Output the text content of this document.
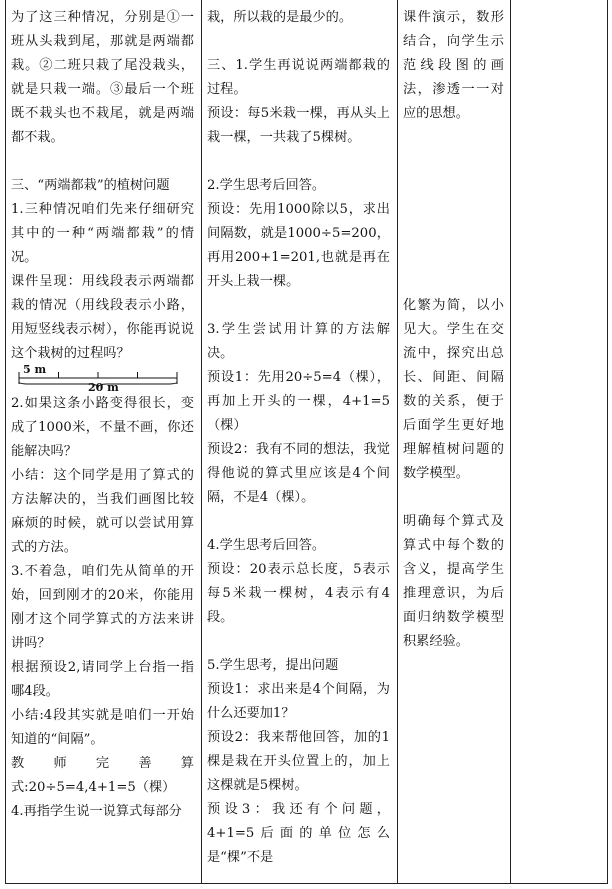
为了这三种情况，分别是①一班从头栽到尾，那就是两端都栽。②二班只栽了尾没栽头，就是只栽一端。③最后一个班既不栽头也不栽尾，就是两端都不栽。

三、“两端都栽”的植树问题

1.三种情况咱们先来仔细研究其中的一种“两端都栽”的情况。

课件呈现：用线段表示两端都栽的情况（用线段表示小路，用短竖线表示树），你能再说说这个栽树的过程吗？

5 m
20 m

2.如果这条小路变得很长，变成了1000米，不量不画，你还能解决吗？

小结：这个同学是用了算式的方法解决的，当我们画图比较麻烦的时候，就可以尝试用算式的方法。

3.不着急，咱们先从简单的开始，回到刚才的20米，你能用刚才这个同学算式的方法来讲讲吗？

根据预设2,请同学上台指一指哪4段。

小结:4段其实就是咱们一开始知道的“间隔”。

教师完善算式:20÷5=4,4+1=5（棵）

4.再指学生说一说算式每部分

栽，所以栽的是最少的。

三、1.学生再说说两端都栽的过程。

预设：每5米栽一棵，再从头上栽一棵，一共栽了5棵树。

2.学生思考后回答。

预设：先用1000除以5，求出间隔数，就是1000÷5=200，再用200+1=201,也就是再在开头上栽一棵。

3.学生尝试用计算的方法解决。

预设1：先用20÷5=4（棵），再加上开头的一棵，4+1=5（棵）

预设2：我有不同的想法，我觉得他说的算式里应该是4个间隔，不是4（棵）。

4.学生思考后回答。

预设：20表示总长度，5表示每5米栽一棵树，4表示有4段。

5.学生思考，提出问题

预设1：求出来是4个间隔，为什么还要加1？

预设2：我来帮他回答，加的1棵是栽在开头位置上的，加上这棵就是5棵树。

预设3：我还有个问题，4+1=5后面的单位怎么是“棵”不是

课件演示，数形结合，向学生示范线段图的画法，渗透一一对应的思想。

化繁为简，以小见大。学生在交流中，探究出总长、间距、间隔数的关系，便于后面学生更好地理解植树问题的数学模型。

明确每个算式及算式中每个数的含义，提高学生推理意识，为后面归纳数学模型积累经验。
